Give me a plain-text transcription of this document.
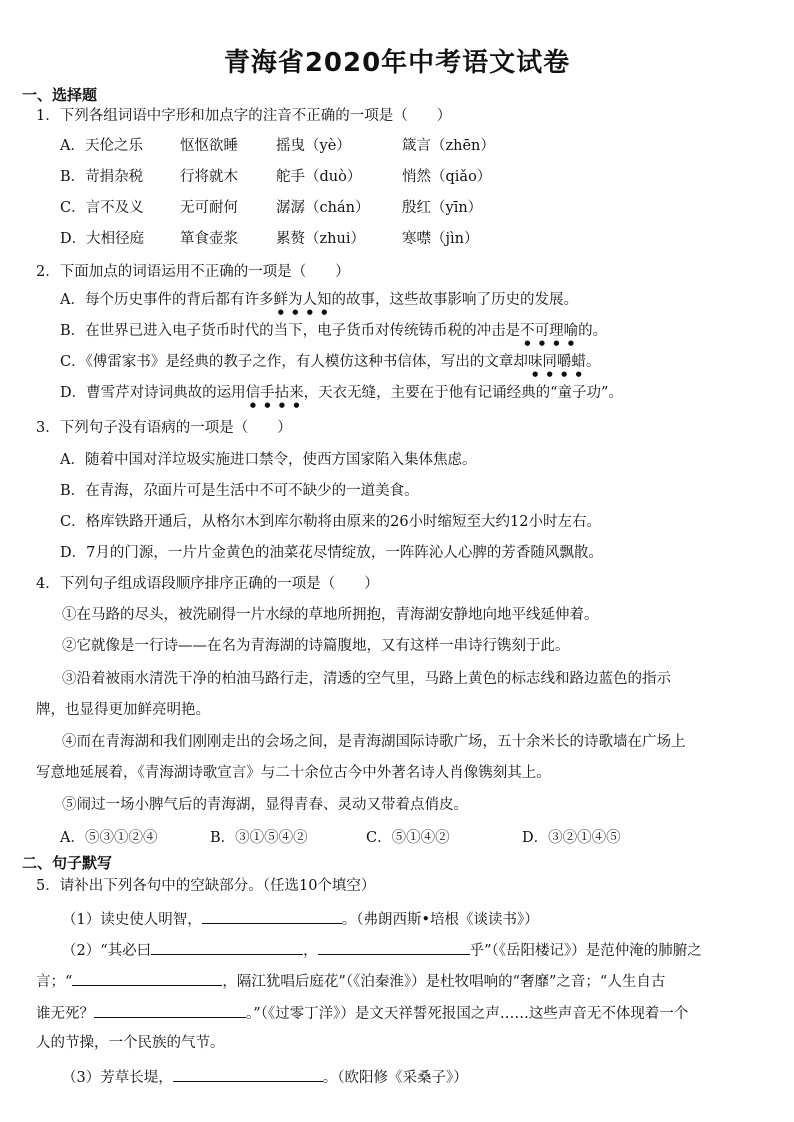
青海省2020年中考语文试卷
一、选择题
1．下列各组词语中字形和加点字的注音不正确的一项是（　　）
A．天伦之乐	怄怄欲睡	摇曳（yè）	箴言（zhēn）
B．苛捐杂税	行将就木	舵手（duò）	悄然（qiǎo）
C．言不及义	无可耐何	潺潺（chán） 殷红（yīn）
D．大相径庭 箪食壶浆	累赘（zhui）	寒噤（jìn）
2．下面加点的词语运用不正确的一项是（　　）
A．每个历史事件的背后都有许多鲜为人知的故事，这些故事影响了历史的发展。
B．在世界已进入电子货币时代的当下，电子货币对传统铸币税的冲击是不可理喻的。
C．《傅雷家书》是经典的教子之作，有人模仿这种书信体，写出的文章却味同嚼蜡。
D．曹雪芹对诗词典故的运用信手拈来，天衣无缝，主要在于他有记诵经典的“童子功”。
3．下列句子没有语病的一项是（　　）
A．随着中国对洋垃圾实施进口禁令，使西方国家陷入集体焦虑。
B．在青海，尕面片可是生活中不可不缺少的一道美食。
C．格库铁路开通后，从格尔木到库尔勒将由原来的26小时缩短至大约12小时左右。
D．7月的门源，一片片金黄色的油菜花尽情绽放，一阵阵沁人心脾的芳香随风飘散。
4．下列句子组成语段顺序排序正确的一项是（　　）
①在马路的尽头，被洗刷得一片水绿的草地所拥抱，青海湖安静地向地平线延伸着。
②它就像是一行诗——在名为青海湖的诗篇腹地，又有这样一串诗行镌刻于此。
③沿着被雨水清洗干净的柏油马路行走，清透的空气里，马路上黄色的标志线和路边蓝色的指示
牌，也显得更加鲜亮明艳。
④而在青海湖和我们刚刚走出的会场之间，是青海湖国际诗歌广场，五十余米长的诗歌墙在广场上
写意地延展着，《青海湖诗歌宣言》与二十余位古今中外著名诗人肖像镌刻其上。
⑤闹过一场小脾气后的青海湖，显得青春、灵动又带着点俏皮。
A．⑤③①②④	B．③①⑤④②	C．⑤①④②	D．③②①④⑤
二、句子默写
5．请补出下列各句中的空缺部分。（任选10个填空）
（1）读史使人明智，	。（弗朗西斯•培根《谈读书》）
（2）“其必曰	，	乎”（《岳阳楼记》）是范仲淹的肺腑之
言；“	，隔江犹唱后庭花”（《泊秦淮》）是杜牧唱响的“奢靡”之音；“人生自古
谁无死？	。”（《过零丁洋》）是文天祥誓死报国之声……这些声音无不体现着一个
人的节操，一个民族的气节。
（3）芳草长堤，	。（欧阳修《采桑子》）
